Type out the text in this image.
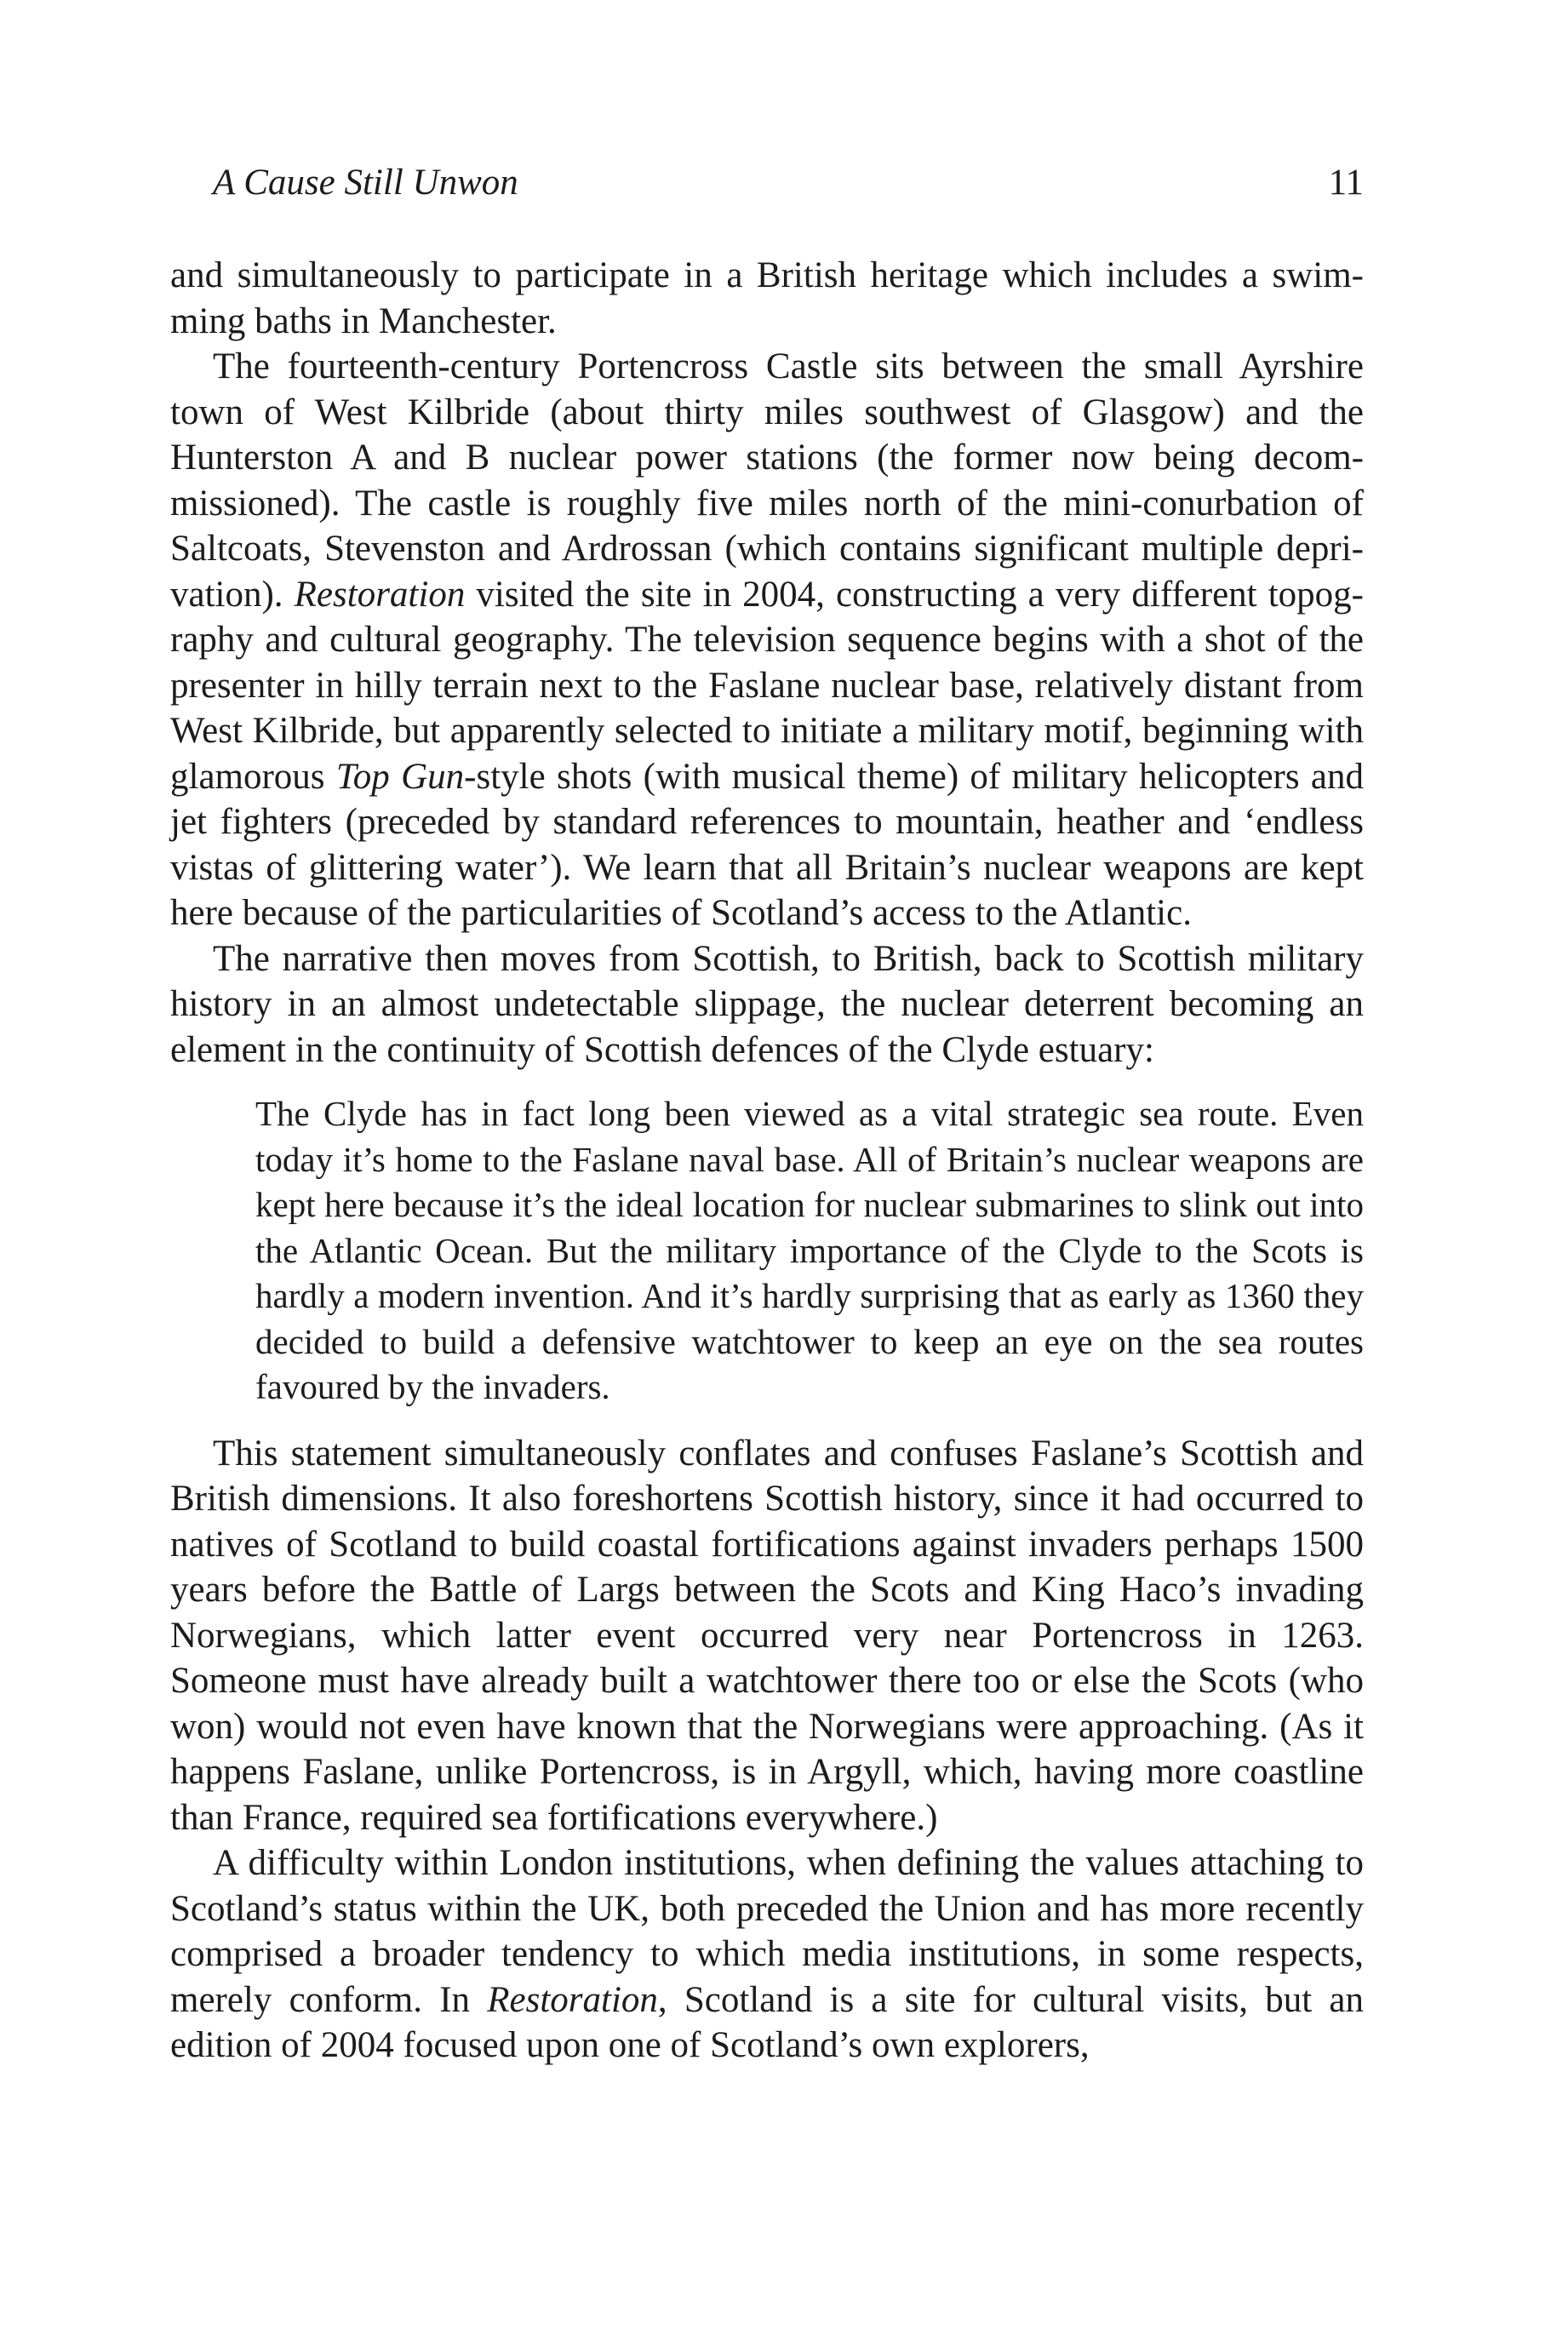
A Cause Still Unwon	11

and simultaneously to participate in a British heritage which includes a swimming baths in Manchester.

The fourteenth-century Portencross Castle sits between the small Ayrshire town of West Kilbride (about thirty miles southwest of Glasgow) and the Hunterston A and B nuclear power stations (the former now being decommissioned). The castle is roughly five miles north of the mini-conurbation of Saltcoats, Stevenston and Ardrossan (which contains significant multiple deprivation). Restoration visited the site in 2004, constructing a very different topography and cultural geography. The television sequence begins with a shot of the presenter in hilly terrain next to the Faslane nuclear base, relatively distant from West Kilbride, but apparently selected to initiate a military motif, beginning with glamorous Top Gun-style shots (with musical theme) of military helicopters and jet fighters (preceded by standard references to mountain, heather and ‘endless vistas of glittering water’). We learn that all Britain’s nuclear weapons are kept here because of the particularities of Scotland’s access to the Atlantic.

The narrative then moves from Scottish, to British, back to Scottish military history in an almost undetectable slippage, the nuclear deterrent becoming an element in the continuity of Scottish defences of the Clyde estuary:

The Clyde has in fact long been viewed as a vital strategic sea route. Even today it’s home to the Faslane naval base. All of Britain’s nuclear weapons are kept here because it’s the ideal location for nuclear submarines to slink out into the Atlantic Ocean. But the military importance of the Clyde to the Scots is hardly a modern invention. And it’s hardly surprising that as early as 1360 they decided to build a defensive watchtower to keep an eye on the sea routes favoured by the invaders.

This statement simultaneously conflates and confuses Faslane’s Scottish and British dimensions. It also foreshortens Scottish history, since it had occurred to natives of Scotland to build coastal fortifications against invaders perhaps 1500 years before the Battle of Largs between the Scots and King Haco’s invading Norwegians, which latter event occurred very near Portencross in 1263. Someone must have already built a watchtower there too or else the Scots (who won) would not even have known that the Norwegians were approaching. (As it happens Faslane, unlike Portencross, is in Argyll, which, having more coastline than France, required sea fortifications everywhere.)

A difficulty within London institutions, when defining the values attaching to Scotland’s status within the UK, both preceded the Union and has more recently comprised a broader tendency to which media institutions, in some respects, merely conform. In Restoration, Scotland is a site for cultural visits, but an edition of 2004 focused upon one of Scotland’s own explorers,
